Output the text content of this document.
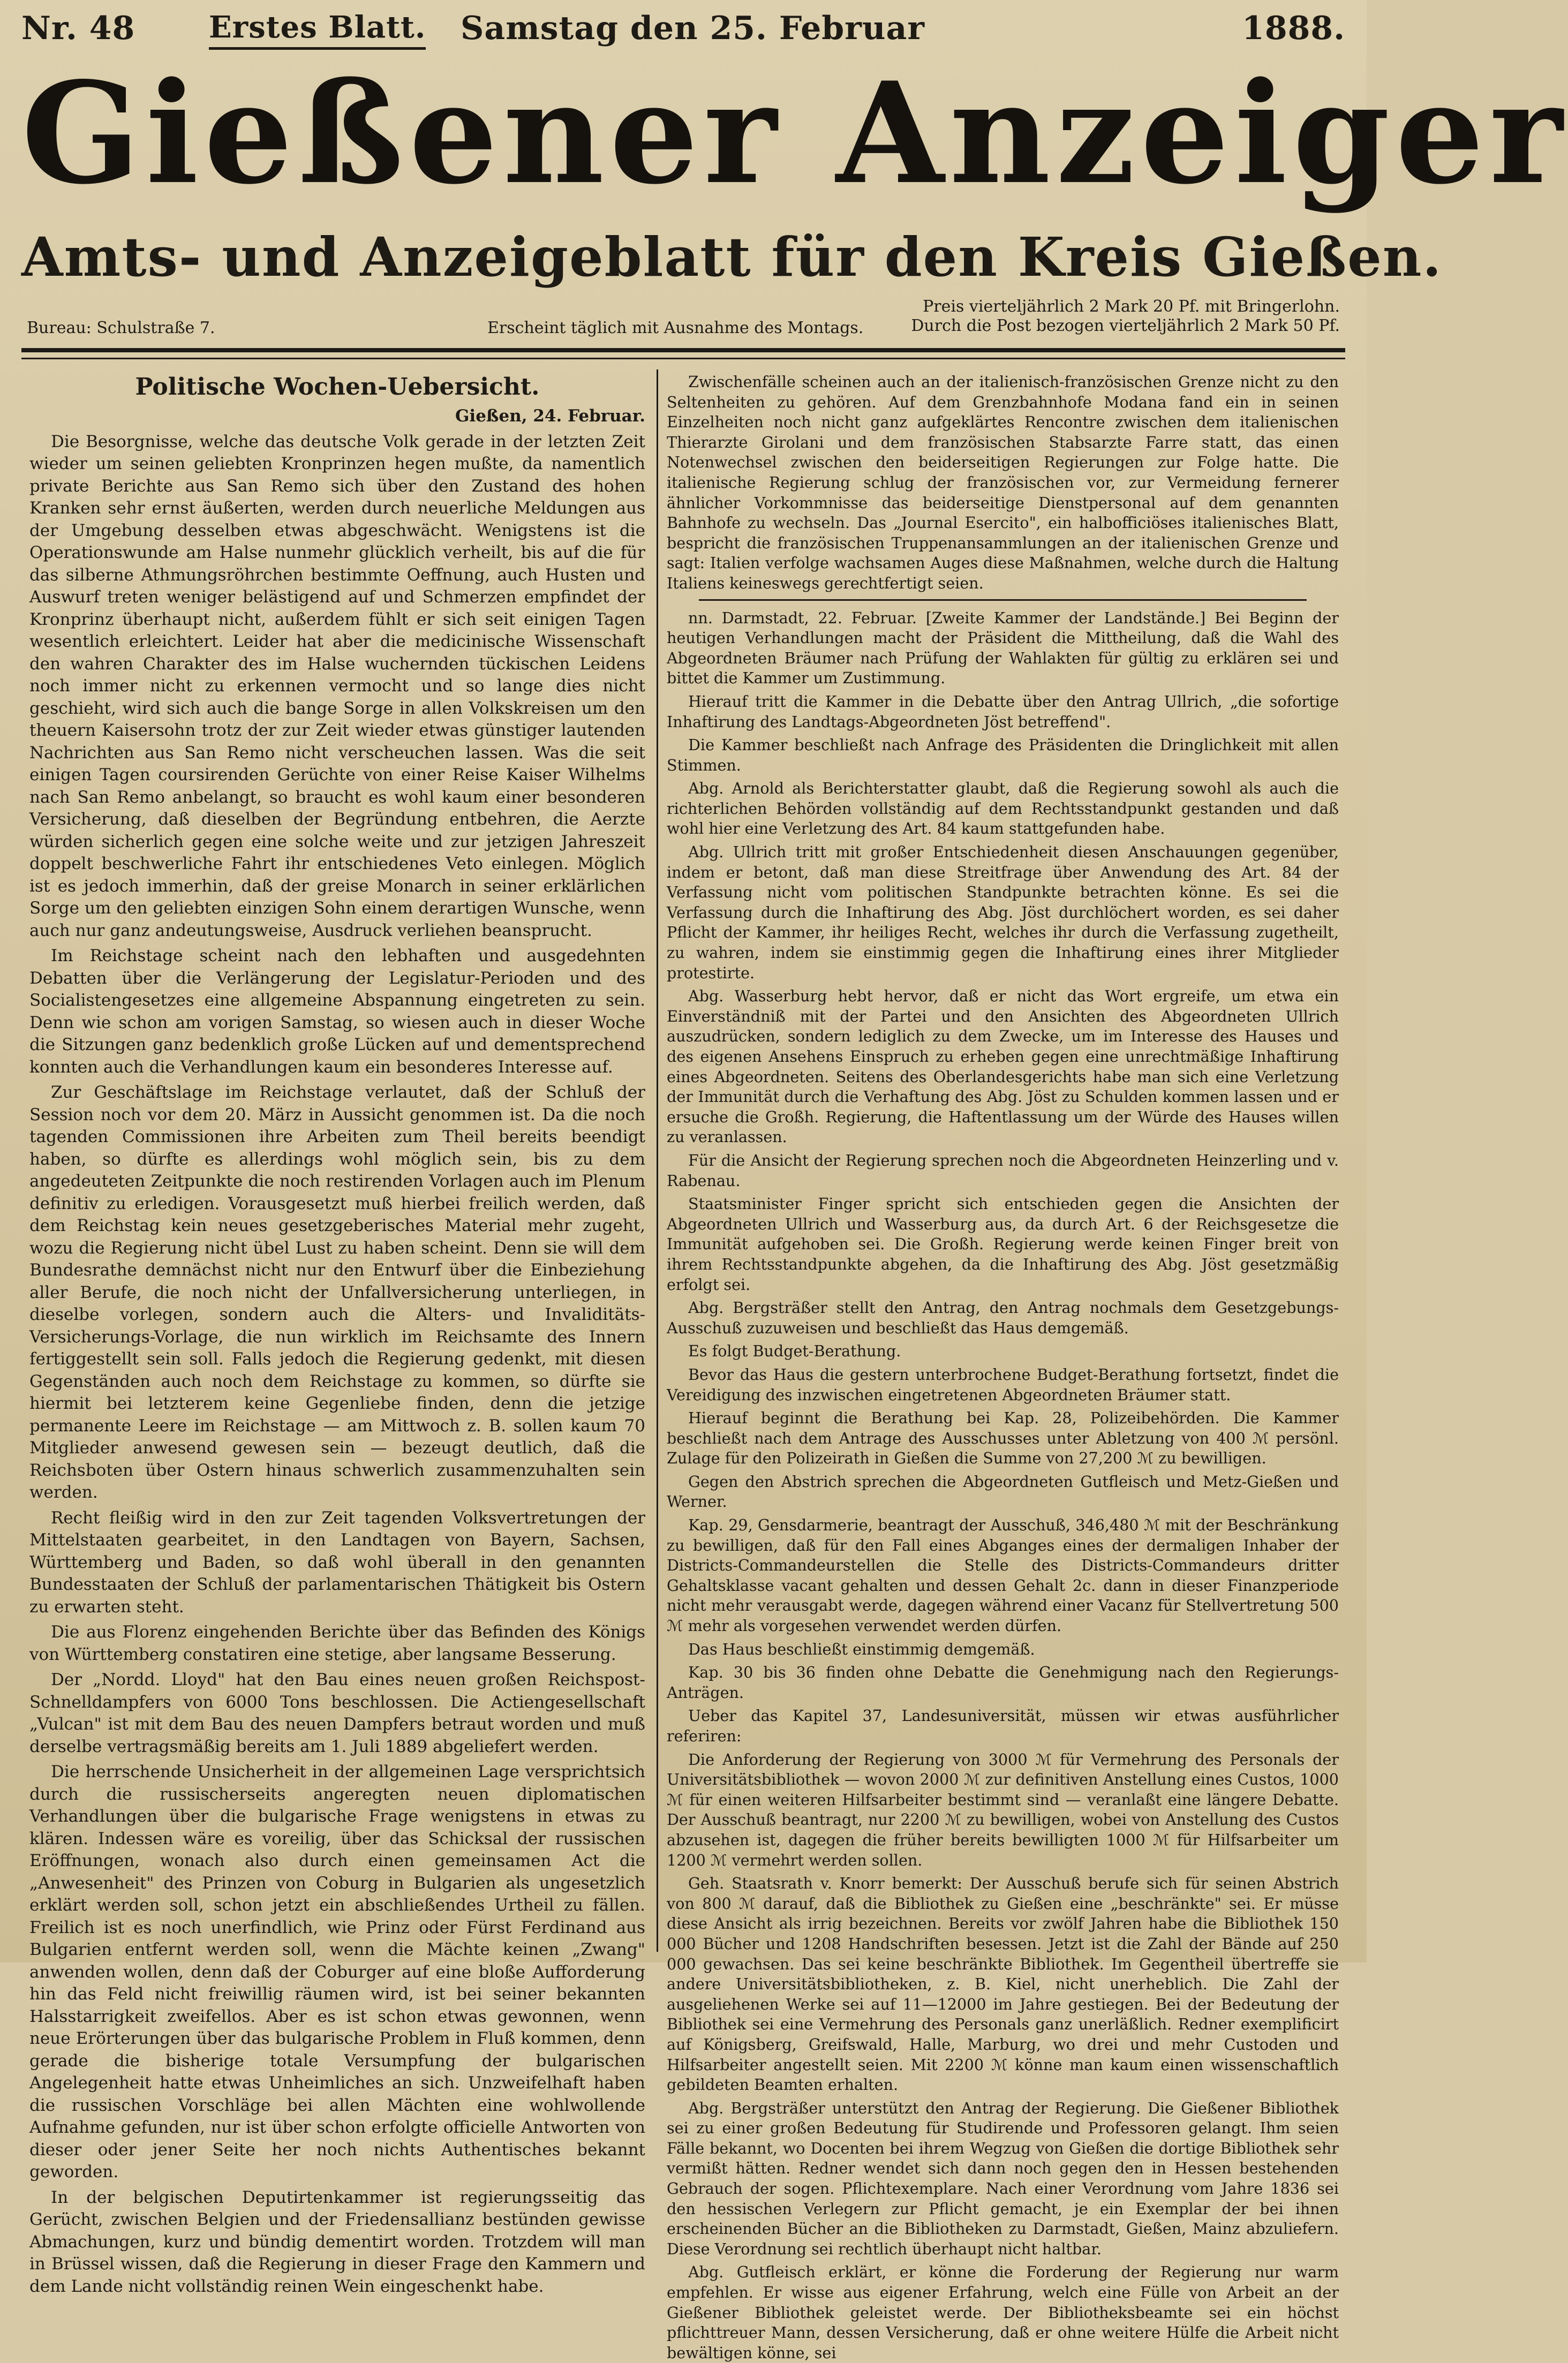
Nr. 48 Erstes Blatt. Samstag den 25. Februar	1888.
Gießener Anzeiger
Amts- und Anzeigeblatt für den Kreis Gießen.
Bureau: Schulstraße 7.	Erscheint täglich mit Ausnahme des Montags.
Preis vierteljährlich 2 Mark 20 Pf. mit Bringerlohn.
Durch die Post bezogen vierteljährlich 2 Mark 50 Pf.
Politische Wochen-Uebersicht.

Gießen, 24. Februar.

Die Besorgnisse, welche das deutsche Volk gerade in der letzten Zeit wieder um seinen geliebten Kronprinzen hegen mußte, da namentlich private Berichte aus San Remo sich über den Zustand des hohen Kranken sehr ernst äußerten, werden durch neuerliche Meldungen aus der Umgebung desselben etwas abgeschwächt. Wenigstens ist die Operationswunde am Halse nunmehr glücklich verheilt, bis auf die für das silberne Athmungsröhrchen bestimmte Oeffnung, auch Husten und Auswurf treten weniger belästigend auf und Schmerzen empfindet der Kronprinz überhaupt nicht, außerdem fühlt er sich seit einigen Tagen wesentlich erleichtert. Leider hat aber die medicinische Wissenschaft den wahren Charakter des im Halse wuchernden tückischen Leidens noch immer nicht zu erkennen vermocht und so lange dies nicht geschieht, wird sich auch die bange Sorge in allen Volkskreisen um den theuern Kaisersohn trotz der zur Zeit wieder etwas günstiger lautenden Nachrichten aus San Remo nicht verscheuchen lassen. Was die seit einigen Tagen coursirenden Gerüchte von einer Reise Kaiser Wilhelms nach San Remo anbelangt, so braucht es wohl kaum einer besonderen Versicherung, daß dieselben der Begründung entbehren, die Aerzte würden sicherlich gegen eine solche weite und zur jetzigen Jahreszeit doppelt beschwerliche Fahrt ihr entschiedenes Veto einlegen. Möglich ist es jedoch immerhin, daß der greise Monarch in seiner erklärlichen Sorge um den geliebten einzigen Sohn einem derartigen Wunsche, wenn auch nur ganz andeutungsweise, Ausdruck verliehen beansprucht.

Im Reichstage scheint nach den lebhaften und ausgedehnten Debatten über die Verlängerung der Legislatur-Perioden und des Socialistengesetzes eine allgemeine Abspannung eingetreten zu sein. Denn wie schon am vorigen Samstag, so wiesen auch in dieser Woche die Sitzungen ganz bedenklich große Lücken auf und dementsprechend konnten auch die Verhandlungen kaum ein besonderes Interesse auf.

Zur Geschäftslage im Reichstage verlautet, daß der Schluß der Session noch vor dem 20. März in Aussicht genommen ist. Da die noch tagenden Commissionen ihre Arbeiten zum Theil bereits beendigt haben, so dürfte es allerdings wohl möglich sein, bis zu dem angedeuteten Zeitpunkte die noch restirenden Vorlagen auch im Plenum definitiv zu erledigen. Vorausgesetzt muß hierbei freilich werden, daß dem Reichstag kein neues gesetzgeberisches Material mehr zugeht, wozu die Regierung nicht übel Lust zu haben scheint. Denn sie will dem Bundesrathe demnächst nicht nur den Entwurf über die Einbeziehung aller Berufe, die noch nicht der Unfallversicherung unterliegen, in dieselbe vorlegen, sondern auch die Alters- und Invaliditäts-Versicherungs-Vorlage, die nun wirklich im Reichsamte des Innern fertiggestellt sein soll. Falls jedoch die Regierung gedenkt, mit diesen Gegenständen auch noch dem Reichstage zu kommen, so dürfte sie hiermit bei letzterem keine Gegenliebe finden, denn die jetzige permanente Leere im Reichstage — am Mittwoch z. B. sollen kaum 70 Mitglieder anwesend gewesen sein — bezeugt deutlich, daß die Reichsboten über Ostern hinaus schwerlich zusammenzuhalten sein werden.

Recht fleißig wird in den zur Zeit tagenden Volksvertretungen der Mittelstaaten gearbeitet, in den Landtagen von Bayern, Sachsen, Württemberg und Baden, so daß wohl überall in den genannten Bundesstaaten der Schluß der parlamentarischen Thätigkeit bis Ostern zu erwarten steht.

Die aus Florenz eingehenden Berichte über das Befinden des Königs von Württemberg constatiren eine stetige, aber langsame Besserung.

Der „Nordd. Lloyd" hat den Bau eines neuen großen Reichspost-Schnelldampfers von 6000 Tons beschlossen. Die Actiengesellschaft „Vulcan" ist mit dem Bau des neuen Dampfers betraut worden und muß derselbe vertragsmäßig bereits am 1. Juli 1889 abgeliefert werden.

Die herrschende Unsicherheit in der allgemeinen Lage versprichtsich durch die russischerseits angeregten neuen diplomatischen Verhandlungen über die bulgarische Frage wenigstens in etwas zu klären. Indessen wäre es voreilig, über das Schicksal der russischen Eröffnungen, wonach also durch einen gemeinsamen Act die „Anwesenheit" des Prinzen von Coburg in Bulgarien als ungesetzlich erklärt werden soll, schon jetzt ein abschließendes Urtheil zu fällen. Freilich ist es noch unerfindlich, wie Prinz oder Fürst Ferdinand aus Bulgarien entfernt werden soll, wenn die Mächte keinen „Zwang" anwenden wollen, denn daß der Coburger auf eine bloße Aufforderung hin das Feld nicht freiwillig räumen wird, ist bei seiner bekannten Halsstarrigkeit zweifellos. Aber es ist schon etwas gewonnen, wenn neue Erörterungen über das bulgarische Problem in Fluß kommen, denn gerade die bisherige totale Versumpfung der bulgarischen Angelegenheit hatte etwas Unheimliches an sich. Unzweifelhaft haben die russischen Vorschläge bei allen Mächten eine wohlwollende Aufnahme gefunden, nur ist über schon erfolgte officielle Antworten von dieser oder jener Seite her noch nichts Authentisches bekannt geworden.

In der belgischen Deputirtenkammer ist regierungsseitig das Gerücht, zwischen Belgien und der Friedensallianz bestünden gewisse Abmachungen, kurz und bündig dementirt worden. Trotzdem will man in Brüssel wissen, daß die Regierung in dieser Frage den Kammern und dem Lande nicht vollständig reinen Wein eingeschenkt habe.

Zwischenfälle scheinen auch an der italienisch-französischen Grenze nicht zu den Seltenheiten zu gehören. Auf dem Grenzbahnhofe Modana fand ein in seinen Einzelheiten noch nicht ganz aufgeklärtes Rencontre zwischen dem italienischen Thierarzte Girolani und dem französischen Stabsarzte Farre statt, das einen Notenwechsel zwischen den beiderseitigen Regierungen zur Folge hatte. Die italienische Regierung schlug der französischen vor, zur Vermeidung fernerer ähnlicher Vorkommnisse das beiderseitige Dienstpersonal auf dem genannten Bahnhofe zu wechseln. Das „Journal Esercito", ein halbofficiöses italienisches Blatt, bespricht die französischen Truppenansammlungen an der italienischen Grenze und sagt: Italien verfolge wachsamen Auges diese Maßnahmen, welche durch die Haltung Italiens keineswegs gerechtfertigt seien.

nn. Darmstadt, 22. Februar. [Zweite Kammer der Landstände.] Bei Beginn der heutigen Verhandlungen macht der Präsident die Mittheilung, daß die Wahl des Abgeordneten Bräumer nach Prüfung der Wahlakten für gültig zu erklären sei und bittet die Kammer um Zustimmung.

Hierauf tritt die Kammer in die Debatte über den Antrag Ullrich, „die sofortige Inhaftirung des Landtags-Abgeordneten Jöst betreffend".

Die Kammer beschließt nach Anfrage des Präsidenten die Dringlichkeit mit allen Stimmen.

Abg. Arnold als Berichterstatter glaubt, daß die Regierung sowohl als auch die richterlichen Behörden vollständig auf dem Rechtsstandpunkt gestanden und daß wohl hier eine Verletzung des Art. 84 kaum stattgefunden habe.

Abg. Ullrich tritt mit großer Entschiedenheit diesen Anschauungen gegenüber, indem er betont, daß man diese Streitfrage über Anwendung des Art. 84 der Verfassung nicht vom politischen Standpunkte betrachten könne. Es sei die Verfassung durch die Inhaftirung des Abg. Jöst durchlöchert worden, es sei daher Pflicht der Kammer, ihr heiliges Recht, welches ihr durch die Verfassung zugetheilt, zu wahren, indem sie einstimmig gegen die Inhaftirung eines ihrer Mitglieder protestirte.

Abg. Wasserburg hebt hervor, daß er nicht das Wort ergreife, um etwa ein Einverständniß mit der Partei und den Ansichten des Abgeordneten Ullrich auszudrücken, sondern lediglich zu dem Zwecke, um im Interesse des Hauses und des eigenen Ansehens Einspruch zu erheben gegen eine unrechtmäßige Inhaftirung eines Abgeordneten. Seitens des Oberlandesgerichts habe man sich eine Verletzung der Immunität durch die Verhaftung des Abg. Jöst zu Schulden kommen lassen und er ersuche die Großh. Regierung, die Haftentlassung um der Würde des Hauses willen zu veranlassen.

Für die Ansicht der Regierung sprechen noch die Abgeordneten Heinzerling und v. Rabenau.

Staatsminister Finger spricht sich entschieden gegen die Ansichten der Abgeordneten Ullrich und Wasserburg aus, da durch Art. 6 der Reichsgesetze die Immunität aufgehoben sei. Die Großh. Regierung werde keinen Finger breit von ihrem Rechtsstandpunkte abgehen, da die Inhaftirung des Abg. Jöst gesetzmäßig erfolgt sei.

Abg. Bergsträßer stellt den Antrag, den Antrag nochmals dem Gesetzgebungs-Ausschuß zuzuweisen und beschließt das Haus demgemäß.

Es folgt Budget-Berathung.

Bevor das Haus die gestern unterbrochene Budget-Berathung fortsetzt, findet die Vereidigung des inzwischen eingetretenen Abgeordneten Bräumer statt.

Hierauf beginnt die Berathung bei Kap. 28, Polizeibehörden. Die Kammer beschließt nach dem Antrage des Ausschusses unter Abletzung von 400 ℳ persönl. Zulage für den Polizeirath in Gießen die Summe von 27,200 ℳ zu bewilligen.

Gegen den Abstrich sprechen die Abgeordneten Gutfleisch und Metz-Gießen und Werner.

Kap. 29, Gensdarmerie, beantragt der Ausschuß, 346,480 ℳ mit der Beschränkung zu bewilligen, daß für den Fall eines Abganges eines der dermaligen Inhaber der Districts-Commandeurstellen die Stelle des Districts-Commandeurs dritter Gehaltsklasse vacant gehalten und dessen Gehalt 2c. dann in dieser Finanzperiode nicht mehr verausgabt werde, dagegen während einer Vacanz für Stellvertretung 500 ℳ mehr als vorgesehen verwendet werden dürfen.

Das Haus beschließt einstimmig demgemäß.

Kap. 30 bis 36 finden ohne Debatte die Genehmigung nach den Regierungs-Anträgen.

Ueber das Kapitel 37, Landesuniversität, müssen wir etwas ausführlicher referiren:

Die Anforderung der Regierung von 3000 ℳ für Vermehrung des Personals der Universitätsbibliothek — wovon 2000 ℳ zur definitiven Anstellung eines Custos, 1000 ℳ für einen weiteren Hilfsarbeiter bestimmt sind — veranlaßt eine längere Debatte. Der Ausschuß beantragt, nur 2200 ℳ zu bewilligen, wobei von Anstellung des Custos abzusehen ist, dagegen die früher bereits bewilligten 1000 ℳ für Hilfsarbeiter um 1200 ℳ vermehrt werden sollen.

Geh. Staatsrath v. Knorr bemerkt: Der Ausschuß berufe sich für seinen Abstrich von 800 ℳ darauf, daß die Bibliothek zu Gießen eine „beschränkte" sei. Er müsse diese Ansicht als irrig bezeichnen. Bereits vor zwölf Jahren habe die Bibliothek 150 000 Bücher und 1208 Handschriften besessen. Jetzt ist die Zahl der Bände auf 250 000 gewachsen. Das sei keine beschränkte Bibliothek. Im Gegentheil übertreffe sie andere Universitätsbibliotheken, z. B. Kiel, nicht unerheblich. Die Zahl der ausgeliehenen Werke sei auf 11—12000 im Jahre gestiegen. Bei der Bedeutung der Bibliothek sei eine Vermehrung des Personals ganz unerläßlich. Redner exemplificirt auf Königsberg, Greifswald, Halle, Marburg, wo drei und mehr Custoden und Hilfsarbeiter angestellt seien. Mit 2200 ℳ könne man kaum einen wissenschaftlich gebildeten Beamten erhalten.

Abg. Bergsträßer unterstützt den Antrag der Regierung. Die Gießener Bibliothek sei zu einer großen Bedeutung für Studirende und Professoren gelangt. Ihm seien Fälle bekannt, wo Docenten bei ihrem Wegzug von Gießen die dortige Bibliothek sehr vermißt hätten. Redner wendet sich dann noch gegen den in Hessen bestehenden Gebrauch der sogen. Pflichtexemplare. Nach einer Verordnung vom Jahre 1836 sei den hessischen Verlegern zur Pflicht gemacht, je ein Exemplar der bei ihnen erscheinenden Bücher an die Bibliotheken zu Darmstadt, Gießen, Mainz abzuliefern. Diese Verordnung sei rechtlich überhaupt nicht haltbar.

Abg. Gutfleisch erklärt, er könne die Forderung der Regierung nur warm empfehlen. Er wisse aus eigener Erfahrung, welch eine Fülle von Arbeit an der Gießener Bibliothek geleistet werde. Der Bibliotheksbeamte sei ein höchst pflichttreuer Mann, dessen Versicherung, daß er ohne weitere Hülfe die Arbeit nicht bewältigen könne, sei
